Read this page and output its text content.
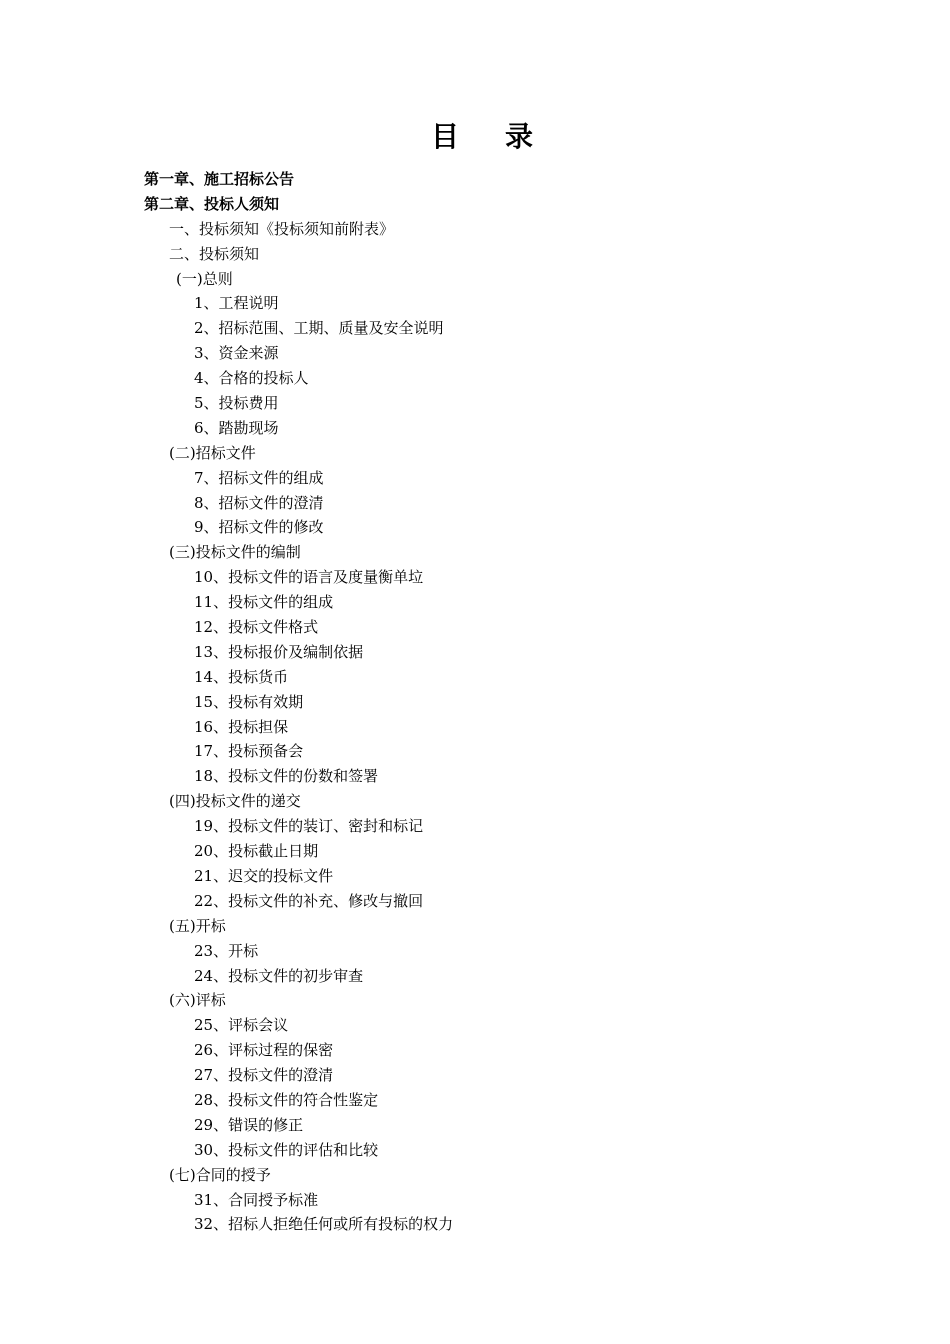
目 录
第一章、施工招标公告
第二章、投标人须知
一、投标须知《投标须知前附表》
二、投标须知
(一)总则
1、工程说明
2、招标范围、工期、质量及安全说明
3、资金来源
4、合格的投标人
5、投标费用
6、踏勘现场
(二)招标文件
7、招标文件的组成
8、招标文件的澄清
9、招标文件的修改
(三)投标文件的编制
10、投标文件的语言及度量衡单垃
11、投标文件的组成
12、投标文件格式
13、投标报价及编制依据
14、投标货币
15、投标有效期
16、投标担保
17、投标预备会
18、投标文件的份数和签署
(四)投标文件的递交
19、投标文件的装订、密封和标记
20、投标截止日期
21、迟交的投标文件
22、投标文件的补充、修改与撤回
(五)开标
23、开标
24、投标文件的初步审查
(六)评标
25、评标会议
26、评标过程的保密
27、投标文件的澄清
28、投标文件的符合性鉴定
29、错误的修正
30、投标文件的评估和比较
(七)合同的授予
31、合同授予标准
32、招标人拒绝任何或所有投标的权力
